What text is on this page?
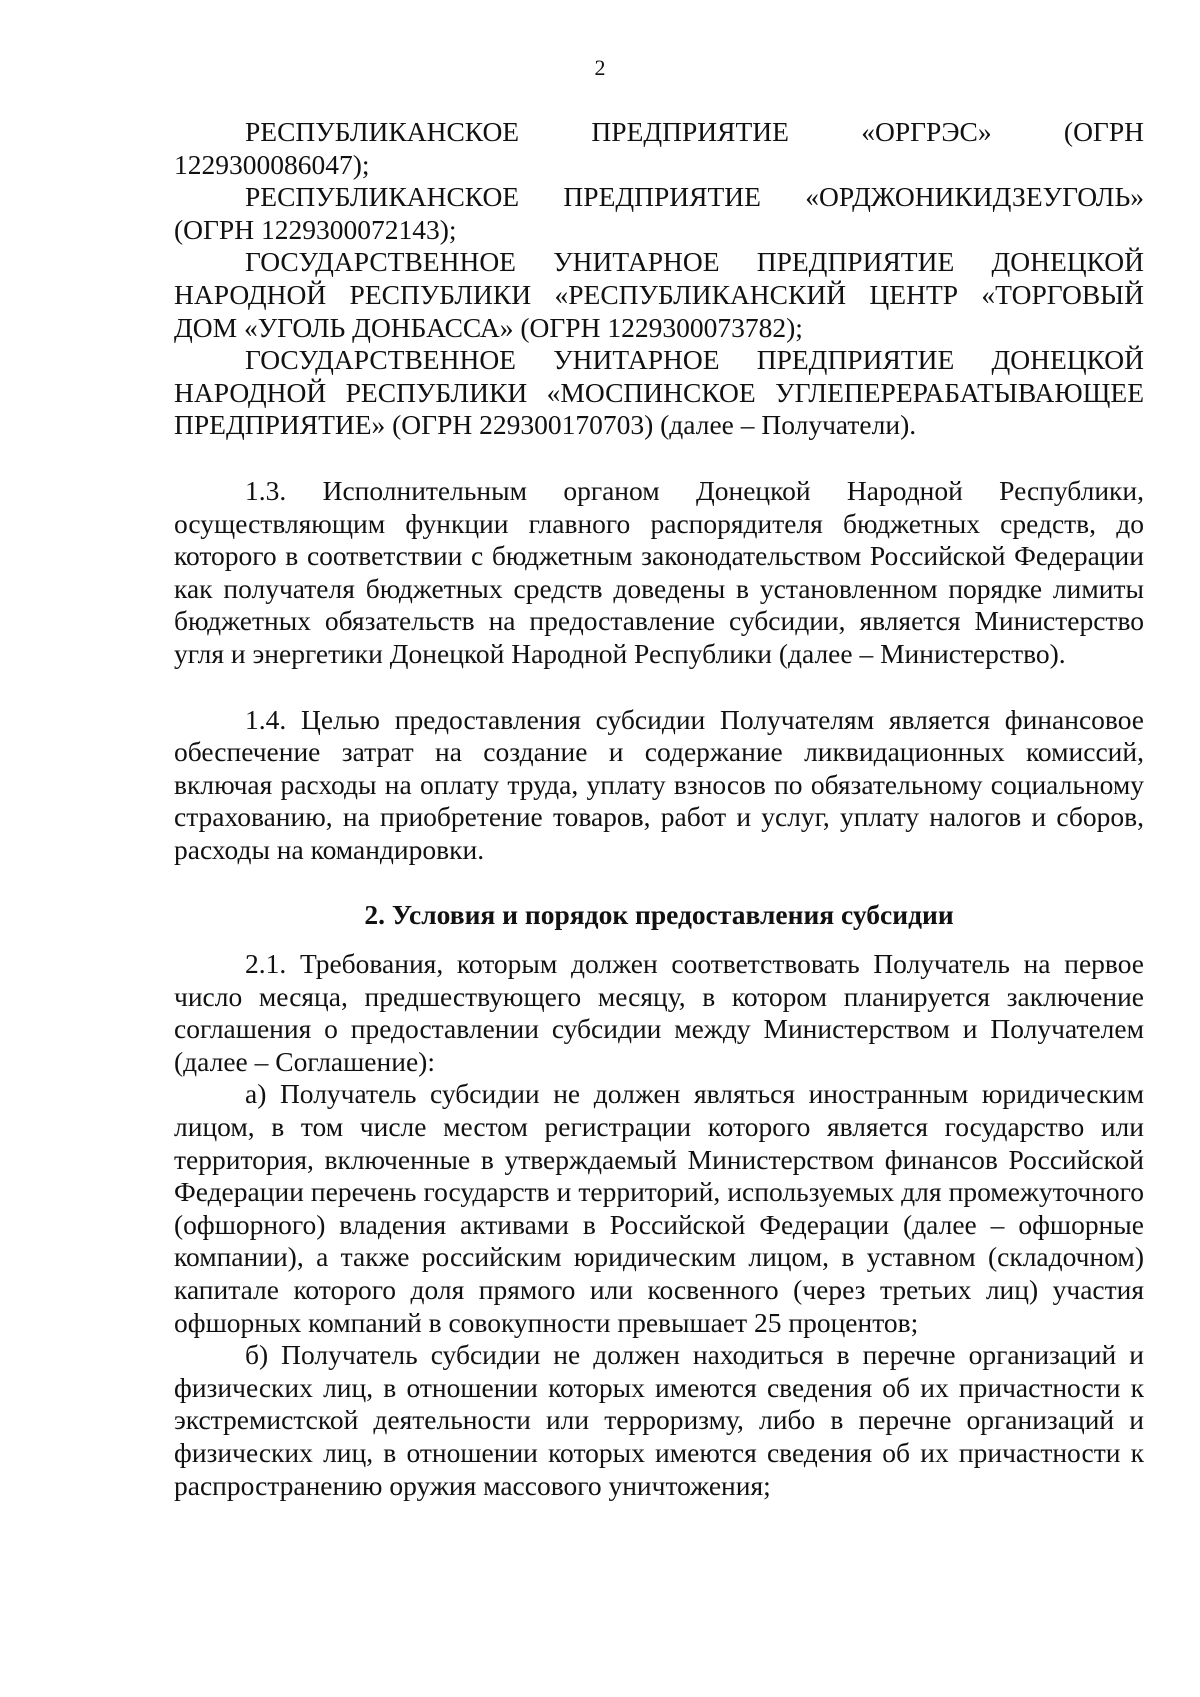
2

РЕСПУБЛИКАНСКОЕ ПРЕДПРИЯТИЕ «ОРГРЭС» (ОГРН 1229300086047);

РЕСПУБЛИКАНСКОЕ ПРЕДПРИЯТИЕ «ОРДЖОНИКИДЗЕУГОЛЬ» (ОГРН 1229300072143);

ГОСУДАРСТВЕННОЕ УНИТАРНОЕ ПРЕДПРИЯТИЕ ДОНЕЦКОЙ НАРОДНОЙ РЕСПУБЛИКИ «РЕСПУБЛИКАНСКИЙ ЦЕНТР «ТОРГОВЫЙ ДОМ «УГОЛЬ ДОНБАССА» (ОГРН 1229300073782);

ГОСУДАРСТВЕННОЕ УНИТАРНОЕ ПРЕДПРИЯТИЕ ДОНЕЦКОЙ НАРОДНОЙ РЕСПУБЛИКИ «МОСПИНСКОЕ УГЛЕПЕРЕРАБАТЫВАЮЩЕЕ ПРЕДПРИЯТИЕ» (ОГРН 229300170703) (далее – Получатели).

1.3. Исполнительным органом Донецкой Народной Республики, осуществляющим функции главного распорядителя бюджетных средств, до которого в соответствии с бюджетным законодательством Российской Федерации как получателя бюджетных средств доведены в установленном порядке лимиты бюджетных обязательств на предоставление субсидии, является Министерство угля и энергетики Донецкой Народной Республики (далее – Министерство).

1.4. Целью предоставления субсидии Получателям является финансовое обеспечение затрат на создание и содержание ликвидационных комиссий, включая расходы на оплату труда, уплату взносов по обязательному социальному страхованию, на приобретение товаров, работ и услуг, уплату налогов и сборов, расходы на командировки.

2. Условия и порядок предоставления субсидии

2.1. Требования, которым должен соответствовать Получатель на первое число месяца, предшествующего месяцу, в котором планируется заключение соглашения о предоставлении субсидии между Министерством и Получателем (далее – Соглашение):

а) Получатель субсидии не должен являться иностранным юридическим лицом, в том числе местом регистрации которого является государство или территория, включенные в утверждаемый Министерством финансов Российской Федерации перечень государств и территорий, используемых для промежуточного (офшорного) владения активами в Российской Федерации (далее – офшорные компании), а также российским юридическим лицом, в уставном (складочном) капитале которого доля прямого или косвенного (через третьих лиц) участия офшорных компаний в совокупности превышает 25 процентов;

б) Получатель субсидии не должен находиться в перечне организаций и физических лиц, в отношении которых имеются сведения об их причастности к экстремистской деятельности или терроризму, либо в перечне организаций и физических лиц, в отношении которых имеются сведения об их причастности к распространению оружия массового уничтожения;
